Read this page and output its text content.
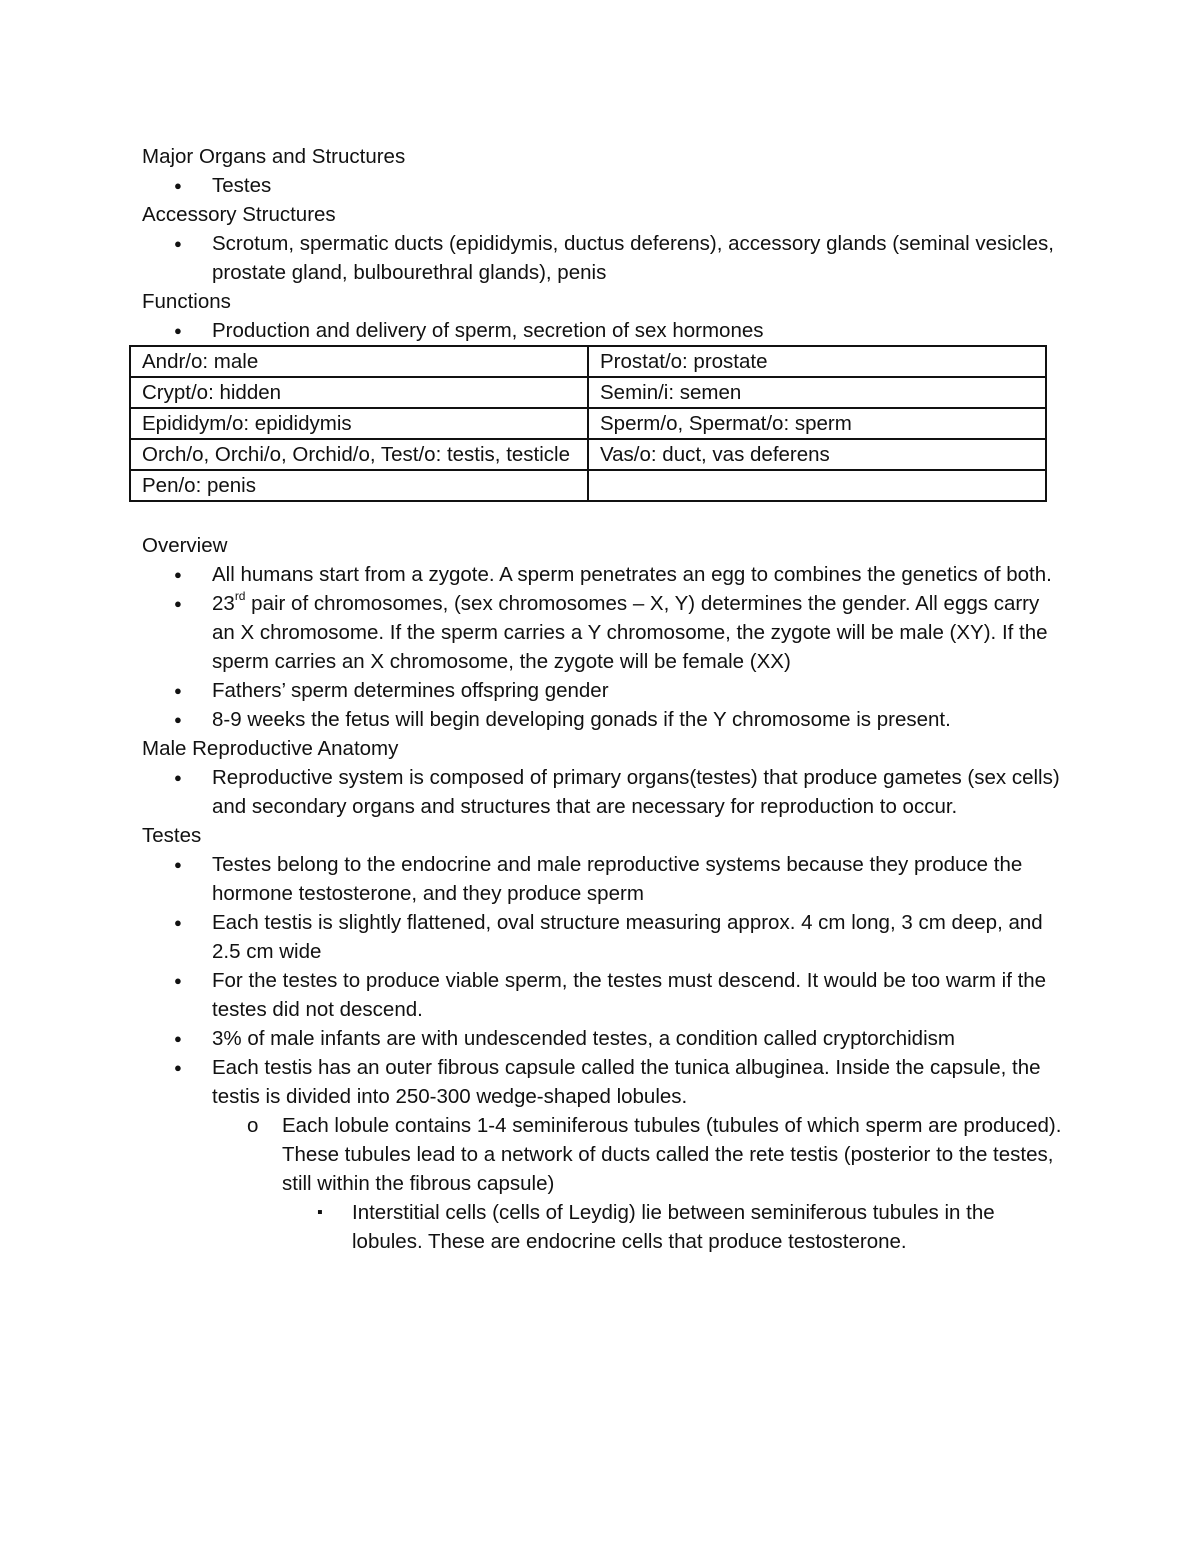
Major Organs and Structures

● Testes

Accessory Structures

● Scrotum, spermatic ducts (epididymis, ductus deferens), accessory glands (seminal vesicles, prostate gland, bulbourethral glands), penis

Functions

● Production and delivery of sperm, secretion of sex hormones
Andr/o: male	Prostat/o: prostate
Crypt/o: hidden	Semin/i: semen
Epididym/o: epididymis	Sperm/o, Spermat/o: sperm
Orch/o, Orchi/o, Orchid/o, Test/o: testis, testicle	Vas/o: duct, vas deferens
Pen/o: penis	

Overview

● All humans start from a zygote. A sperm penetrates an egg to combines the genetics of both.
● 23rd pair of chromosomes, (sex chromosomes – X, Y) determines the gender. All eggs carry an X chromosome. If the sperm carries a Y chromosome, the zygote will be male (XY). If the sperm carries an X chromosome, the zygote will be female (XX)
● Fathers’ sperm determines offspring gender
● 8-9 weeks the fetus will begin developing gonads if the Y chromosome is present.

Male Reproductive Anatomy

● Reproductive system is composed of primary organs(testes) that produce gametes (sex cells) and secondary organs and structures that are necessary for reproduction to occur.

Testes

● Testes belong to the endocrine and male reproductive systems because they produce the hormone testosterone, and they produce sperm
● Each testis is slightly flattened, oval structure measuring approx. 4 cm long, 3 cm deep, and 2.5 cm wide
● For the testes to produce viable sperm, the testes must descend. It would be too warm if the testes did not descend.
● 3% of male infants are with undescended testes, a condition called cryptorchidism
● Each testis has an outer fibrous capsule called the tunica albuginea. Inside the capsule, the testis is divided into 250-300 wedge-shaped lobules.
o Each lobule contains 1-4 seminiferous tubules (tubules of which sperm are produced). These tubules lead to a network of ducts called the rete testis (posterior to the testes, still within the fibrous capsule)
▪ Interstitial cells (cells of Leydig) lie between seminiferous tubules in the lobules. These are endocrine cells that produce testosterone.
